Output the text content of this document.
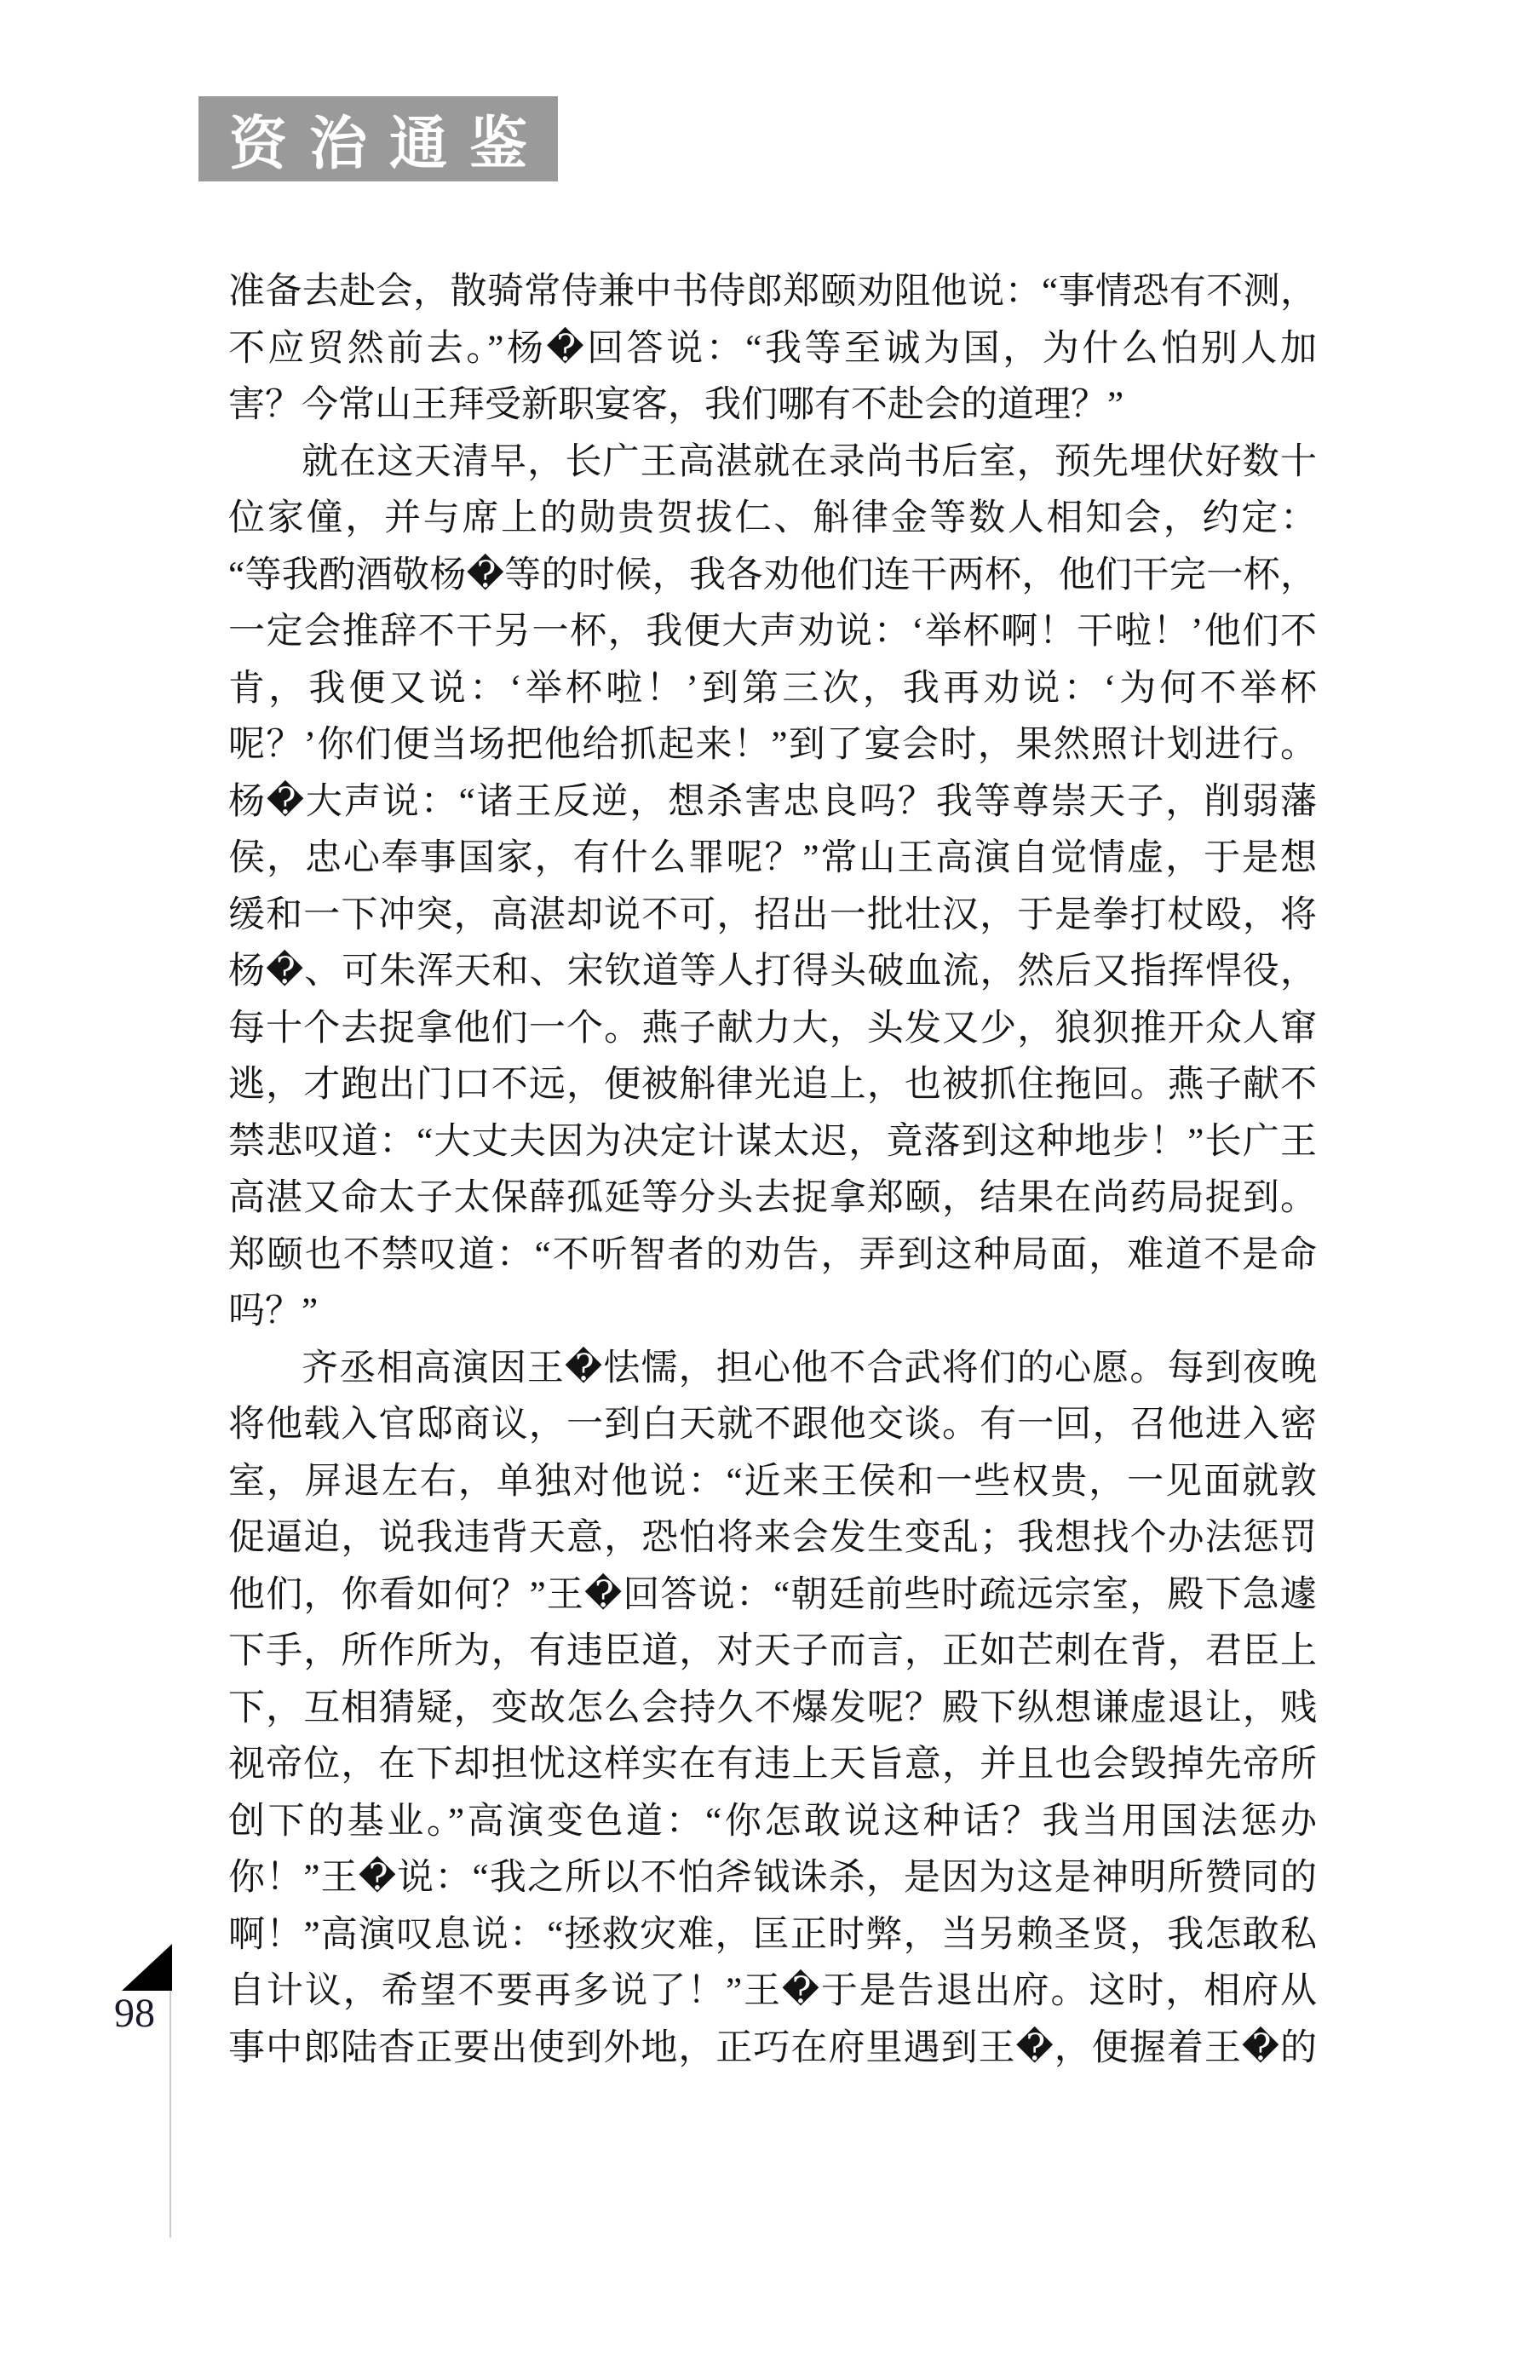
资治通鉴
准备去赴会，散骑常侍兼中书侍郎郑颐劝阻他说：“事情恐有不测，
不应贸然前去。”杨�回答说：“我等至诚为国，为什么怕别人加
害？今常山王拜受新职宴客，我们哪有不赴会的道理？”
就在这天清早，长广王高湛就在录尚书后室，预先埋伏好数十
位家僮，并与席上的勋贵贺拔仁、斛律金等数人相知会，约定：
“等我酌酒敬杨�等的时候，我各劝他们连干两杯，他们干完一杯，
一定会推辞不干另一杯，我便大声劝说：‘举杯啊！干啦！’他们不
肯，我便又说：‘举杯啦！’到第三次，我再劝说：‘为何不举杯
呢？’你们便当场把他给抓起来！”到了宴会时，果然照计划进行。
杨�大声说：“诸王反逆，想杀害忠良吗？我等尊崇天子，削弱藩
侯，忠心奉事国家，有什么罪呢？”常山王高演自觉情虚，于是想
缓和一下冲突，高湛却说不可，招出一批壮汉，于是拳打杖殴，将
杨�、可朱浑天和、宋钦道等人打得头破血流，然后又指挥悍役，
每十个去捉拿他们一个。燕子献力大，头发又少，狼狈推开众人窜
逃，才跑出门口不远，便被斛律光追上，也被抓住拖回。燕子献不
禁悲叹道：“大丈夫因为决定计谋太迟，竟落到这种地步！”长广王
高湛又命太子太保薛孤延等分头去捉拿郑颐，结果在尚药局捉到。
郑颐也不禁叹道：“不听智者的劝告，弄到这种局面，难道不是命
吗？”
齐丞相高演因王�怯懦，担心他不合武将们的心愿。每到夜晚
将他载入官邸商议，一到白天就不跟他交谈。有一回，召他进入密
室，屏退左右，单独对他说：“近来王侯和一些权贵，一见面就敦
促逼迫，说我违背天意，恐怕将来会发生变乱；我想找个办法惩罚
他们，你看如何？”王�回答说：“朝廷前些时疏远宗室，殿下急遽
下手，所作所为，有违臣道，对天子而言，正如芒刺在背，君臣上
下，互相猜疑，变故怎么会持久不爆发呢？殿下纵想谦虚退让，贱
视帝位，在下却担忧这样实在有违上天旨意，并且也会毁掉先帝所
创下的基业。”高演变色道：“你怎敢说这种话？我当用国法惩办
你！”王�说：“我之所以不怕斧钺诛杀，是因为这是神明所赞同的
啊！”高演叹息说：“拯救灾难，匡正时弊，当另赖圣贤，我怎敢私
自计议，希望不要再多说了！”王�于是告退出府。这时，相府从
事中郎陆杳正要出使到外地，正巧在府里遇到王�，便握着王�的
98
